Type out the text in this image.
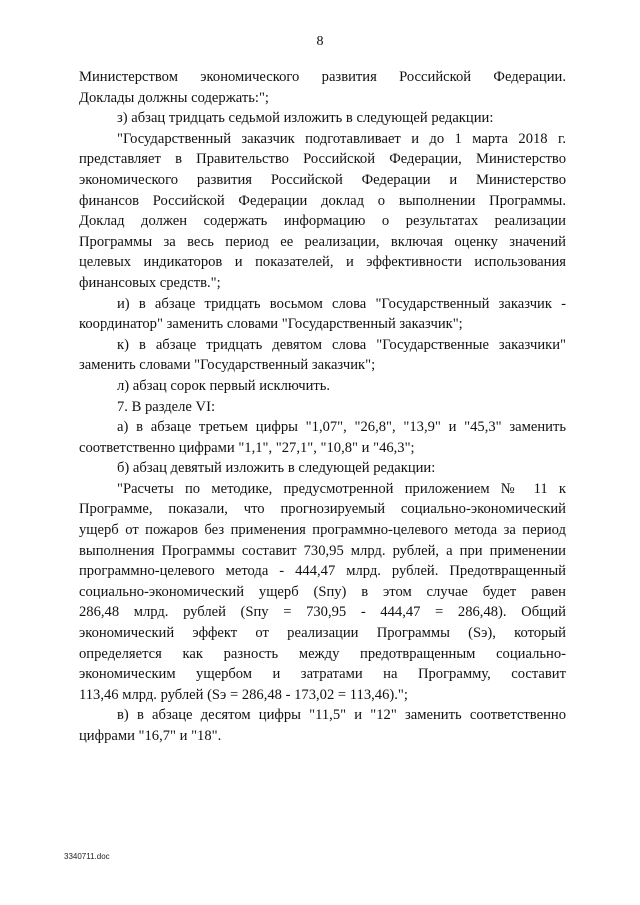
8
Министерством экономического развития Российской Федерации.
Доклады должны содержать:";
з) абзац тридцать седьмой изложить в следующей редакции:
"Государственный заказчик подготавливает и до 1 марта 2018 г.
представляет в Правительство Российской Федерации, Министерство
экономического развития Российской Федерации и Министерство
финансов Российской Федерации доклад о выполнении Программы.
Доклад должен содержать информацию о результатах реализации
Программы за весь период ее реализации, включая оценку значений
целевых индикаторов и показателей, и эффективности использования
финансовых средств.";
и) в абзаце тридцать восьмом слова "Государственный заказчик -
координатор" заменить словами "Государственный заказчик";
к) в абзаце тридцать девятом слова "Государственные заказчики"
заменить словами "Государственный заказчик";
л) абзац сорок первый исключить.
7. В разделе VI:
а) в абзаце третьем цифры "1,07", "26,8", "13,9" и "45,3" заменить
соответственно цифрами "1,1", "27,1", "10,8" и "46,3";
б) абзац девятый изложить в следующей редакции:
"Расчеты по методике, предусмотренной приложением № 11 к
Программе, показали, что прогнозируемый социально-экономический
ущерб от пожаров без применения программно-целевого метода за период
выполнения Программы составит 730,95 млрд. рублей, а при применении
программно-целевого метода - 444,47 млрд. рублей. Предотвращенный
социально-экономический ущерб (Sпу) в этом случае будет равен
286,48 млрд. рублей (Sпу = 730,95 - 444,47 = 286,48). Общий
экономический эффект от реализации Программы (Sэ), который
определяется как разность между предотвращенным социально-
экономическим ущербом и затратами на Программу, составит
113,46 млрд. рублей (Sэ = 286,48 - 173,02 = 113,46).";
в) в абзаце десятом цифры "11,5" и "12" заменить соответственно
цифрами "16,7" и "18".
3340711.doc
